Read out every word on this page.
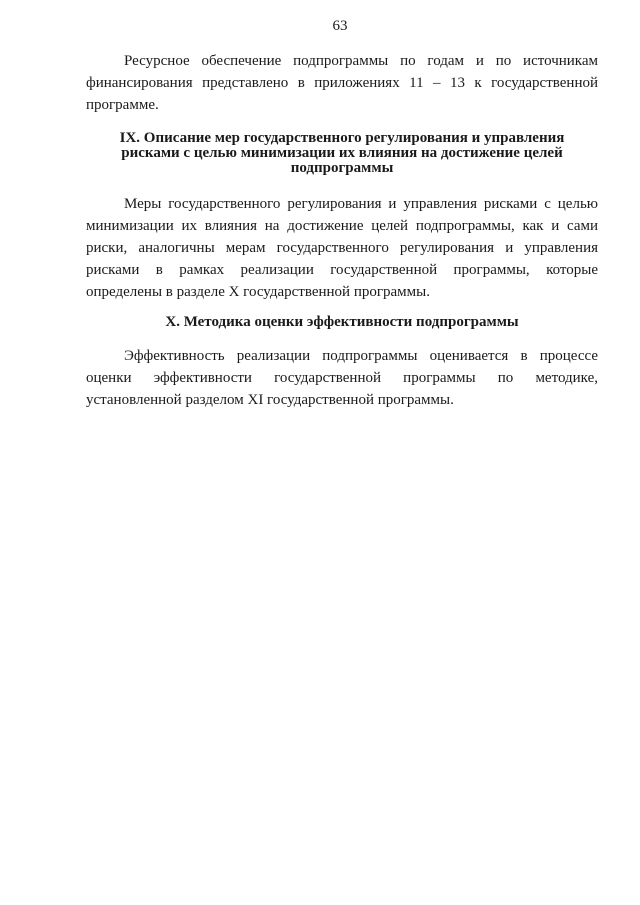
63

Ресурсное обеспечение подпрограммы по годам и по источникам финансирования представлено в приложениях 11 – 13 к государственной программе.

IX. Описание мер государственного регулирования и управления рисками с целью минимизации их влияния на достижение целей подпрограммы

Меры государственного регулирования и управления рисками с целью минимизации их влияния на достижение целей подпрограммы, как и сами риски, аналогичны мерам государственного регулирования и управления рисками в рамках реализации государственной программы, которые определены в разделе X государственной программы.

X. Методика оценки эффективности подпрограммы

Эффективность реализации подпрограммы оценивается в процессе оценки эффективности государственной программы по методике, установленной разделом XI государственной программы.
